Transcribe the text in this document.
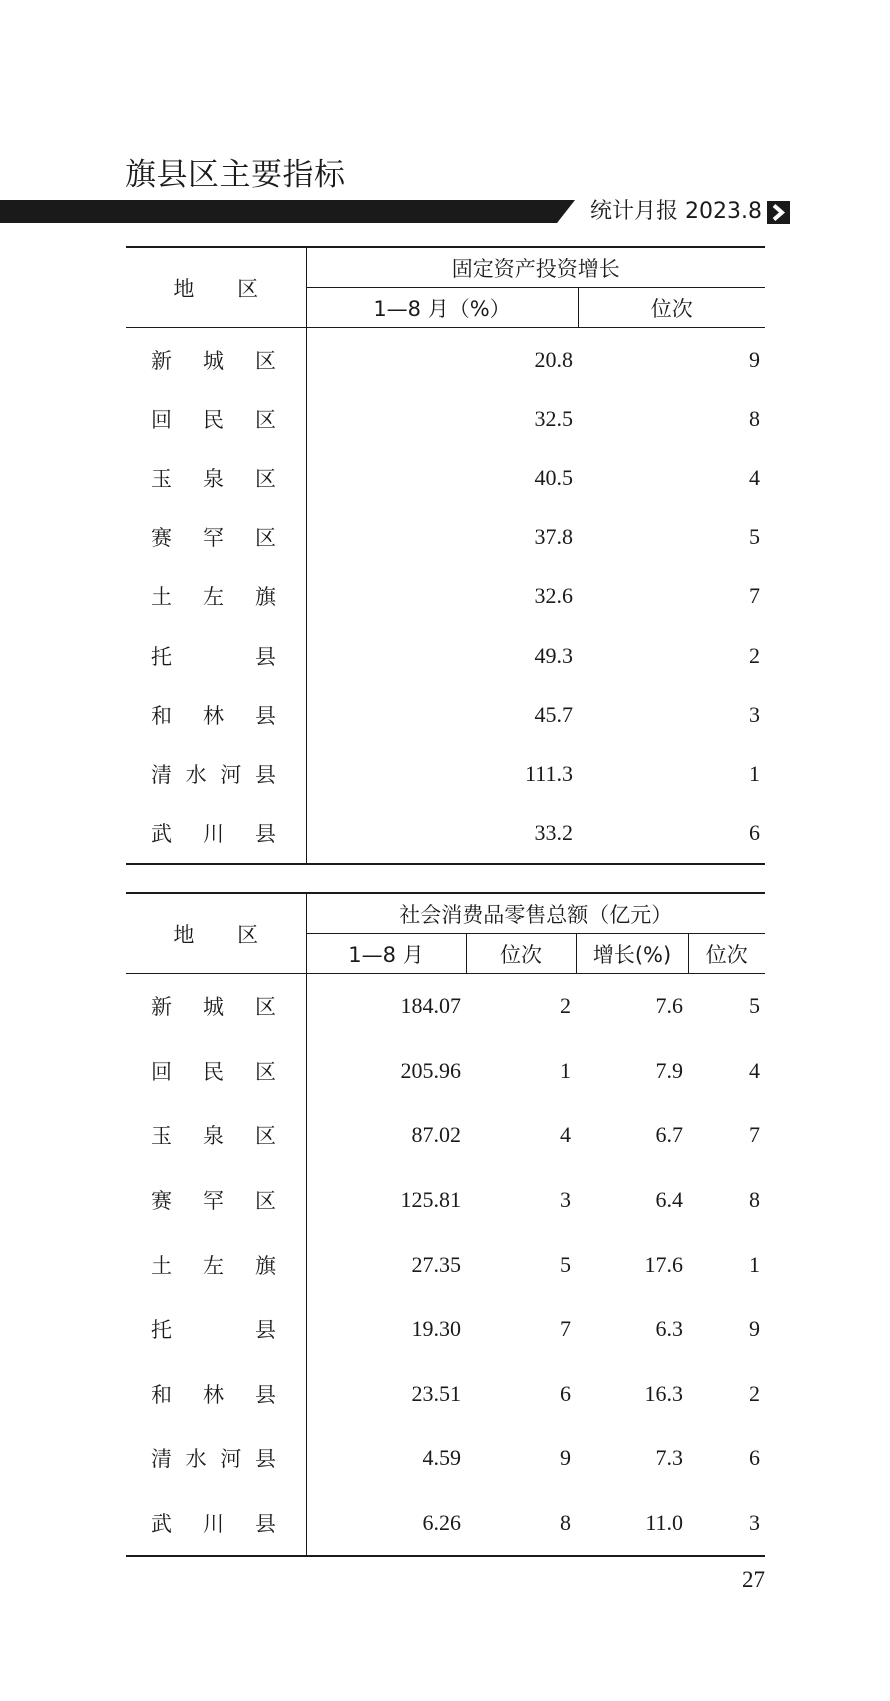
旗县区主要指标
统计月报 2023.8
地 区	固定资产投资增长	
	1—8 月（%）	位次

新 城 区	20.8	9

回 民 区	32.5	8

玉 泉 区	40.5	4

赛 罕 区	37.8	5

土 左 旗	32.6	7

托 县	49.3	2

和 林 县	45.7	3

清 水 河 县	111.3	1

武 川 县	33.2	6
地 区	社会消费品零售总额（亿元）			
	1—8 月	位次	增长(%)	位次

新 城 区	184.07	2	7.6	5

回 民 区	205.96	1	7.9	4

玉 泉 区	87.02	4	6.7	7

赛 罕 区	125.81	3	6.4	8

土 左 旗	27.35	5	17.6	1

托 县	19.30	7	6.3	9

和 林 县	23.51	6	16.3	2

清 水 河 县	4.59	9	7.3	6

武 川 县	6.26	8	11.0	3
27
